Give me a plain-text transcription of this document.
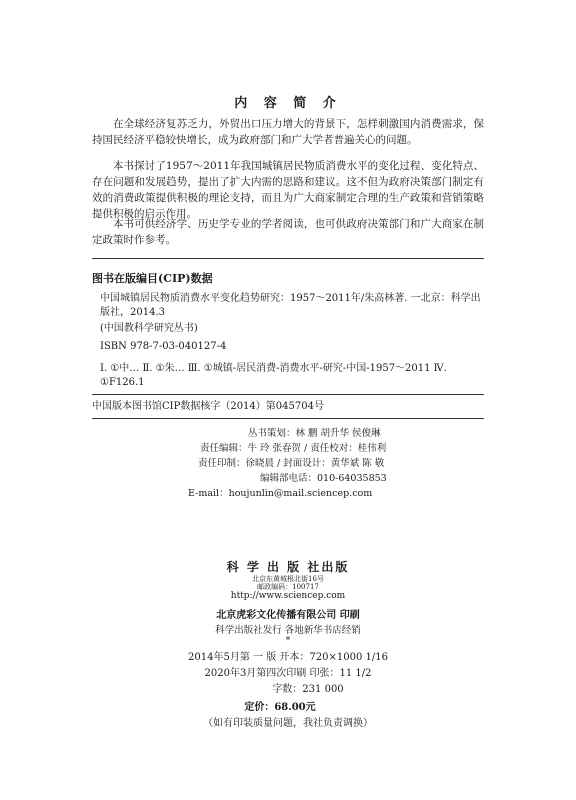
内 容 简 介
在全球经济复苏乏力，外贸出口压力增大的背景下，怎样刺激国内消费需求，保持国民经济平稳较快增长，成为政府部门和广大学者普遍关心的问题。
本书探讨了1957～2011年我国城镇居民物质消费水平的变化过程、变化特点、存在问题和发展趋势，提出了扩大内需的思路和建议。这不但为政府决策部门制定有效的消费政策提供积极的理论支持，而且为广大商家制定合理的生产政策和营销策略提供积极的启示作用。
本书可供经济学、历史学专业的学者阅读，也可供政府决策部门和广大商家在制定政策时作参考。
图书在版编目(CIP)数据
中国城镇居民物质消费水平变化趋势研究：1957～2011年/朱高林著. 一北京：科学出版社，2014.3
(中国教科学研究丛书)
ISBN 978-7-03-040127-4
Ⅰ. ①中… Ⅱ. ①朱… Ⅲ. ①城镇-居民消费-消费水平-研究-中国-1957～2011 Ⅳ. ①F126.1
中国版本图书馆CIP数据核字（2014）第045704号
丛书策划：林 鹏 胡升华 侯俊琳
责任编辑：牛 玲 张春贺 / 责任校对：桂伟利
责任印制：徐晓晨 / 封面设计：黄华斌 陈 敬
编辑部电话：010-64035853
E-mail：houjunlin@mail.sciencep.com
科 学 出 版 社出版
北京东黄城根北街16号
邮政编码：100717
http://www.sciencep.com
北京虎彩文化传播有限公司 印刷
科学出版社发行 各地新华书店经销
*
2014年5月第 一 版 开本：720×1000 1/16
2020年3月第四次印刷 印张：11 1/2
字数：231 000
定价：68.00元
（如有印装质量问题，我社负责调换）
